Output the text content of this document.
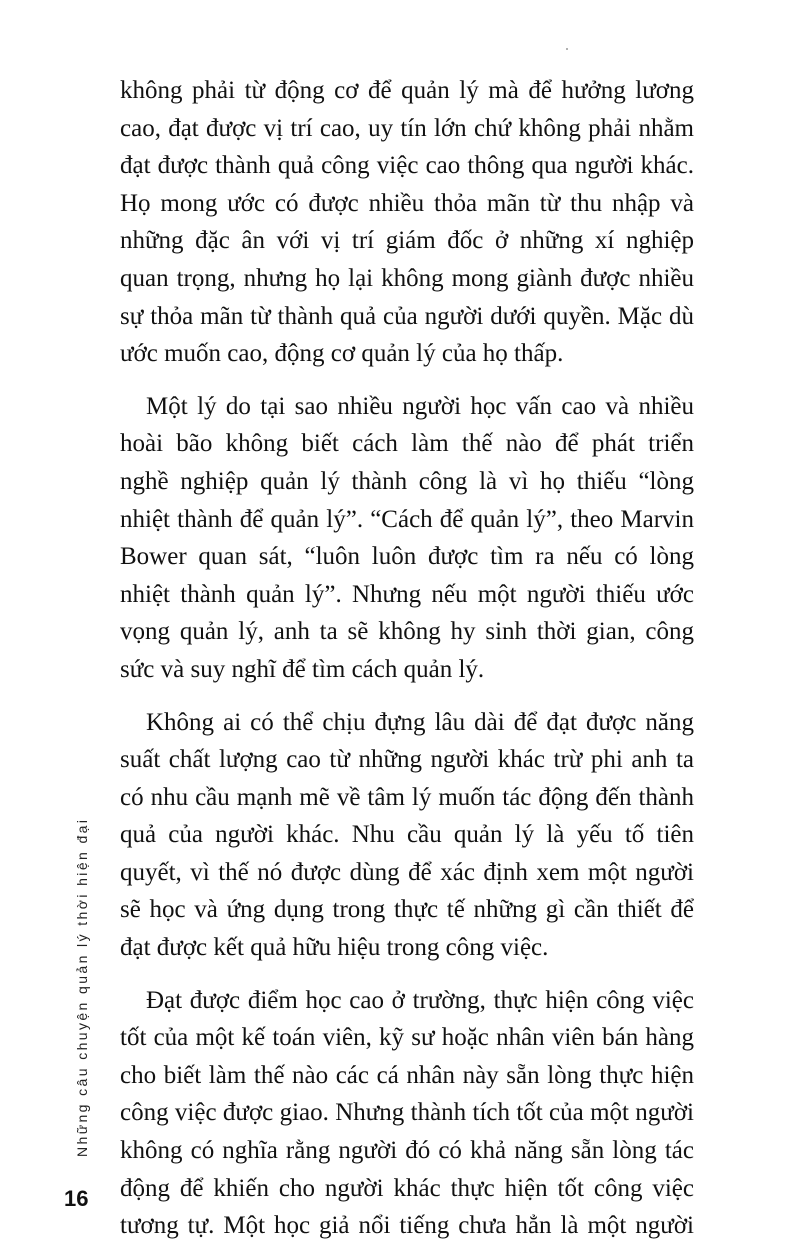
không phải từ động cơ để quản lý mà để hưởng lương
cao, đạt được vị trí cao, uy tín lớn chứ không phải nhằm
đạt được thành quả công việc cao thông qua người khác.
Họ mong ước có được nhiều thỏa mãn từ thu nhập và
những đặc ân với vị trí giám đốc ở những xí nghiệp
quan trọng, nhưng họ lại không mong giành được nhiều
sự thỏa mãn từ thành quả của người dưới quyền. Mặc dù
ước muốn cao, động cơ quản lý của họ thấp.

Một lý do tại sao nhiều người học vấn cao và nhiều
hoài bão không biết cách làm thế nào để phát triển
nghề nghiệp quản lý thành công là vì họ thiếu “lòng
nhiệt thành để quản lý”. “Cách để quản lý”, theo Marvin
Bower quan sát, “luôn luôn được tìm ra nếu có lòng
nhiệt thành quản lý”. Nhưng nếu một người thiếu ước
vọng quản lý, anh ta sẽ không hy sinh thời gian, công
sức và suy nghĩ để tìm cách quản lý.

Không ai có thể chịu đựng lâu dài để đạt được năng
suất chất lượng cao từ những người khác trừ phi anh ta
có nhu cầu mạnh mẽ về tâm lý muốn tác động đến thành
quả của người khác. Nhu cầu quản lý là yếu tố tiên
quyết, vì thế nó được dùng để xác định xem một người
sẽ học và ứng dụng trong thực tế những gì cần thiết để
đạt được kết quả hữu hiệu trong công việc.

Đạt được điểm học cao ở trường, thực hiện công việc
tốt của một kế toán viên, kỹ sư hoặc nhân viên bán hàng
cho biết làm thế nào các cá nhân này sẵn lòng thực hiện
công việc được giao. Nhưng thành tích tốt của một người
không có nghĩa rằng người đó có khả năng sẵn lòng tác
động để khiến cho người khác thực hiện tốt công việc
tương tự. Một học giả nổi tiếng chưa hẳn là một người

Những câu chuyện quản lý thời hiện đại
16
